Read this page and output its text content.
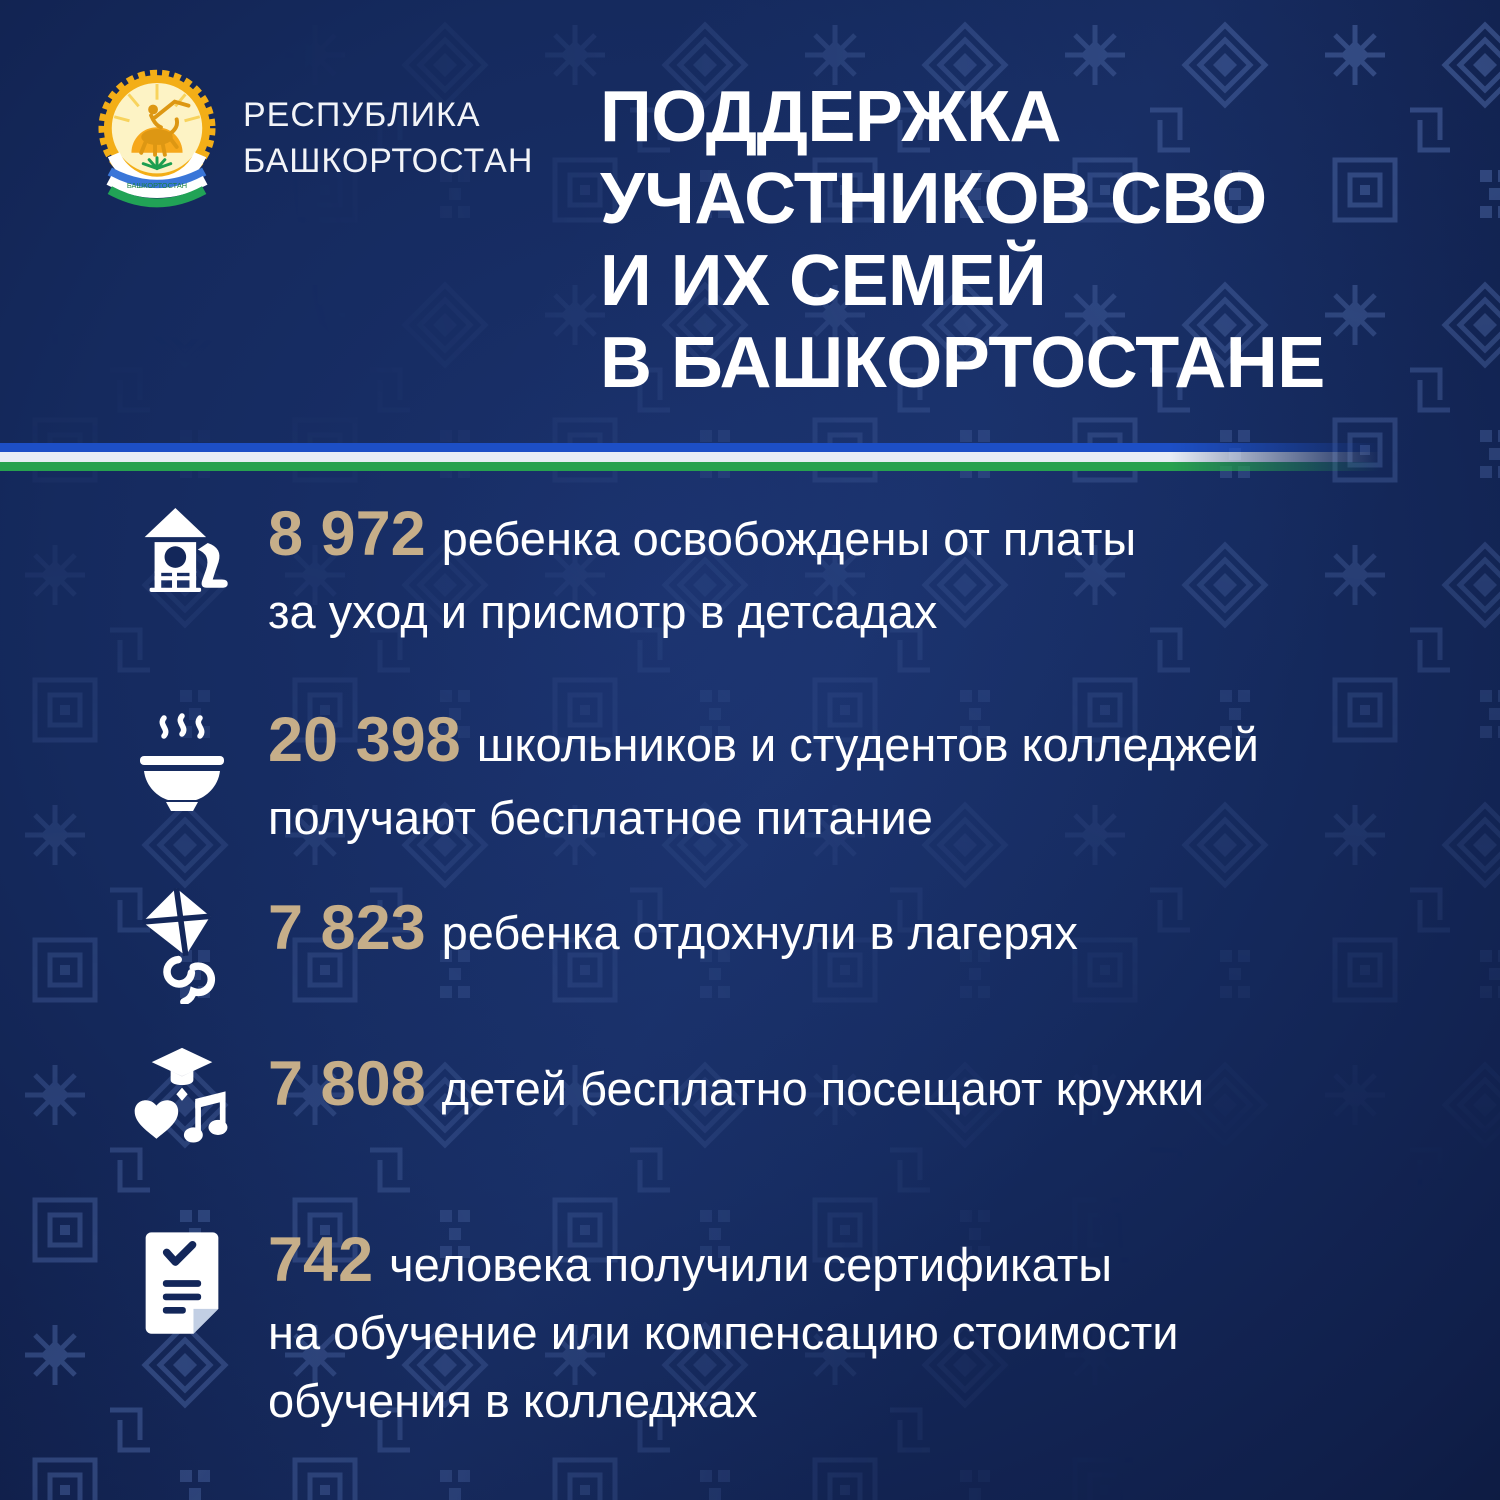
БАШКОРТОСТАН
РЕСПУБЛИКА
БАШКОРТОСТАН
ПОДДЕРЖКА
УЧАСТНИКОВ СВО
И ИХ СЕМЕЙ
В БАШКОРТОСТАНЕ
8 972 ребенка освобождены от платы
за уход и присмотр в детсадах
20 398 школьников и студентов колледжей
получают бесплатное питание
7 823 ребенка отдохнули в лагерях
7 808 детей бесплатно посещают кружки
742 человека получили сертификаты
на обучение или компенсацию стоимости
обучения в колледжах
